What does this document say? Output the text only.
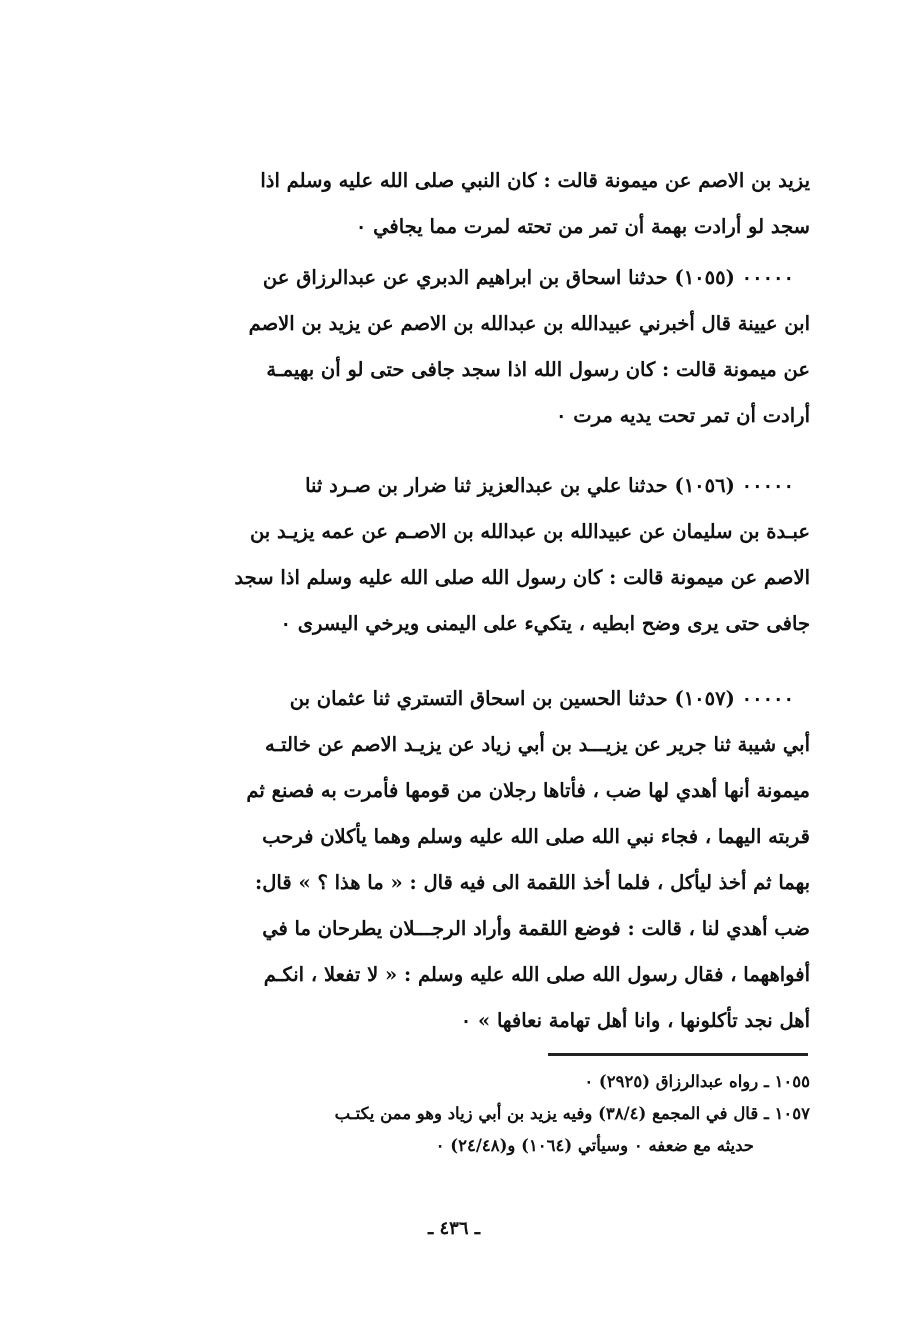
يزيد بن الاصم عن ميمونة قالت : كان النبي صلى الله عليه وسلم اذا
سجد لو أرادت بهمة أن تمر من تحته لمرت مما يجافي ٠
٠٠٠٠٠ (١٠٥٥) حدثنا اسحاق بن ابراهيم الدبري عن عبدالرزاق عن
ابن عيينة قال أخبرني عبيدالله بن عبدالله بن الاصم عن يزيد بن الاصم
عن ميمونة قالت : كان رسول الله اذا سجد جافى حتى لو أن بهيمـة
أرادت أن تمر تحت يديه مرت ٠
٠٠٠٠٠ (١٠٥٦) حدثنا علي بن عبدالعزيز ثنا ضرار بن صـرد ثنا
عبـدة بن سليمان عن عبيدالله بن عبدالله بن الاصـم عن عمه يزيـد بن
الاصم عن ميمونة قالت : كان رسول الله صلى الله عليه وسلم اذا سجد
جافى حتى يرى وضح ابطيه ، يتكيء على اليمنى ويرخي اليسرى ٠
٠٠٠٠٠ (١٠٥٧) حدثنا الحسين بن اسحاق التستري ثنا عثمان بن
أبي شيبة ثنا جرير عن يزيـــد بن أبي زياد عن يزيـد الاصم عن خالتـه
ميمونة أنها أهدي لها ضب ، فأتاها رجلان من قومها فأمرت به فصنع ثم
قربته اليهما ، فجاء نبي الله صلى الله عليه وسلم وهما يأكلان فرحب
بهما ثم أخذ ليأكل ، فلما أخذ اللقمة الى فيه قال : « ما هذا ؟ » قال:
ضب أهدي لنا ، قالت : فوضع اللقمة وأراد الرجـــلان يطرحان ما في
أفواههما ، فقال رسول الله صلى الله عليه وسلم : « لا تفعلا ، انكـم
أهل نجد تأكلونها ، وانا أهل تهامة نعافها » ٠
١٠٥٥ ـ رواه عبدالرزاق (٢٩٢٥) ٠
١٠٥٧ ـ قال في المجمع (٣٨/٤) وفيه يزيد بن أبي زياد وهو ممن يكتـب
حديثه مع ضعفه ٠ وسيأتي (١٠٦٤) و(٢٤/٤٨) ٠
ـ ٤٣٦ ـ
